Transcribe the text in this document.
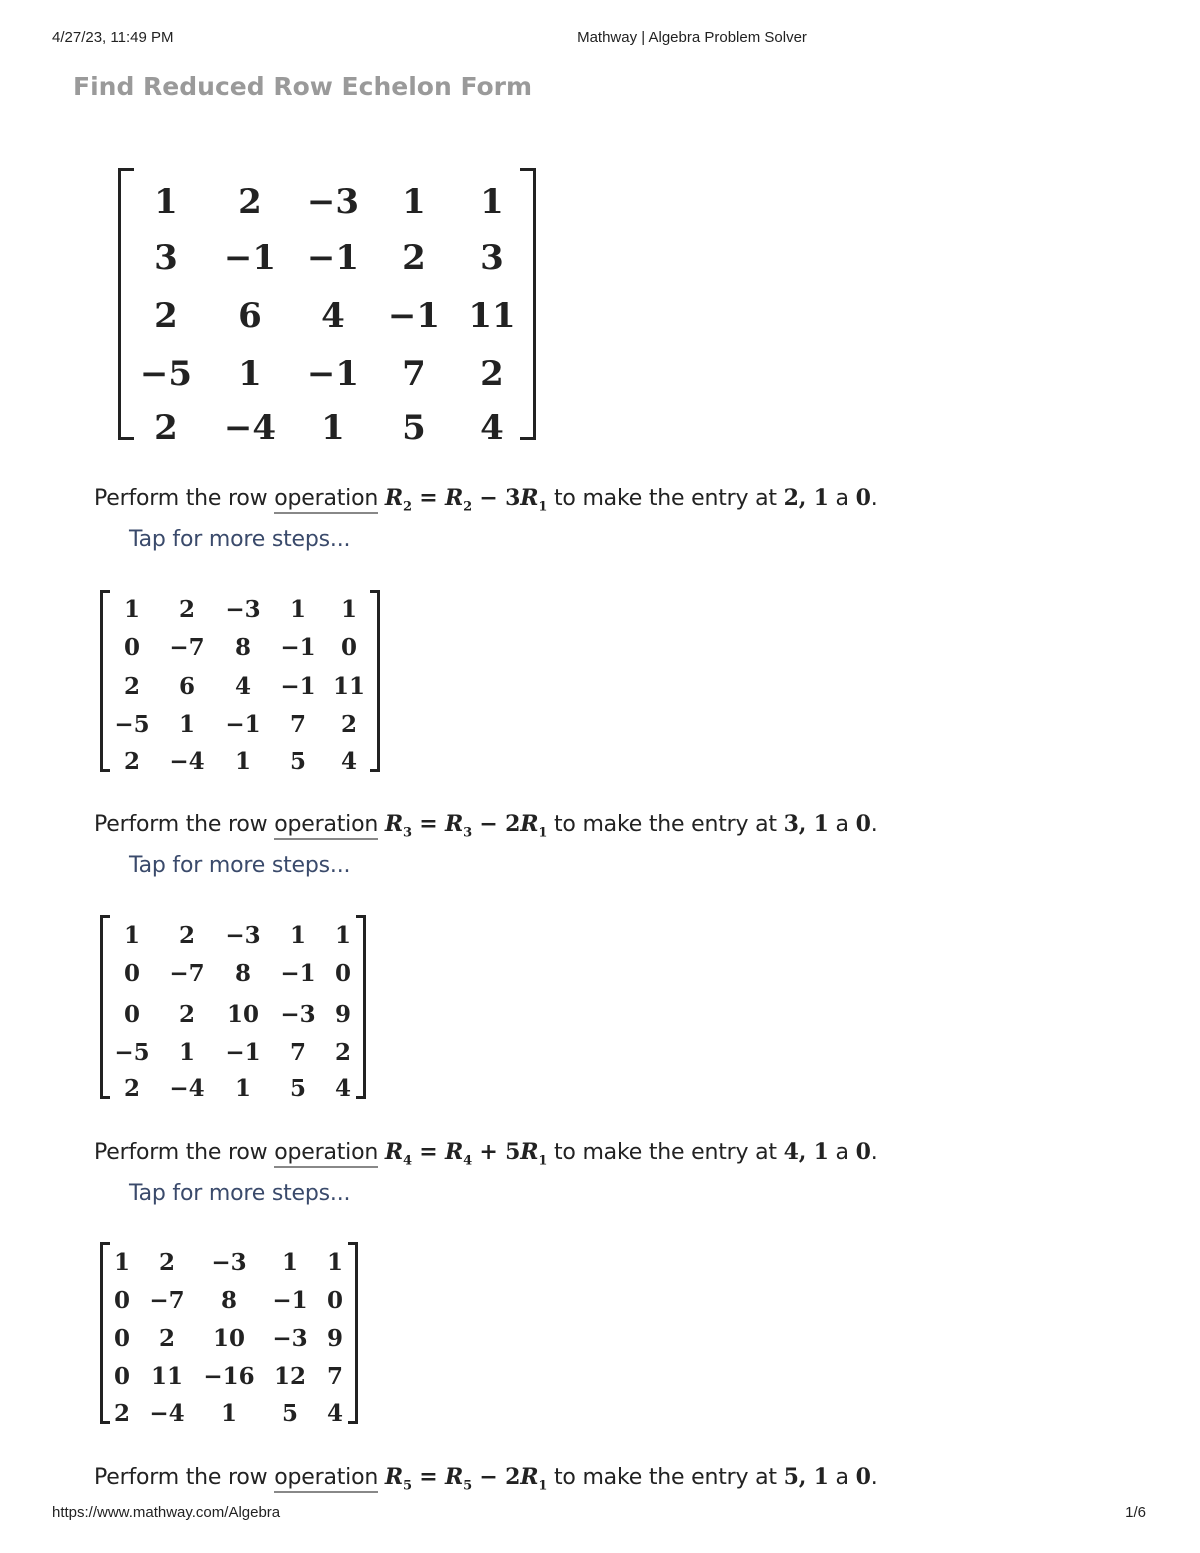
4/27/23, 11:49 PM	Mathway | Algebra Problem Solver
Find Reduced Row Echelon Form
1 2 −3 1 1
3 −1 −1 2 3
2 6 4 −1 11
−5 1 −1 7 2
2 −4 1 5 4
Perform the row operation $R_2 = R_2 - 3R_1$ to make the entry at 2, 1 a 0.
Tap for more steps...
1 2 −3 1 1
0 −7 8 −1 0
2 6 4 −1 11
−5 1 −1 7 2
2 −4 1 5 4
Perform the row operation $R_3 = R_3 - 2R_1$ to make the entry at 3, 1 a 0.
Tap for more steps...
1 2 −3 1 1
0 −7 8 −1 0
0 2 10 −3 9
−5 1 −1 7 2
2 −4 1 5 4
Perform the row operation $R_4 = R_4 + 5R_1$ to make the entry at 4, 1 a 0.
Tap for more steps...
1 2 −3 1 1
0 −7 8 −1 0
0 2 10 −3 9
0 11 −16 12 7
2 −4 1 5 4
Perform the row operation $R_5 = R_5 - 2R_1$ to make the entry at 5, 1 a 0.
https://www.mathway.com/Algebra	1/6
